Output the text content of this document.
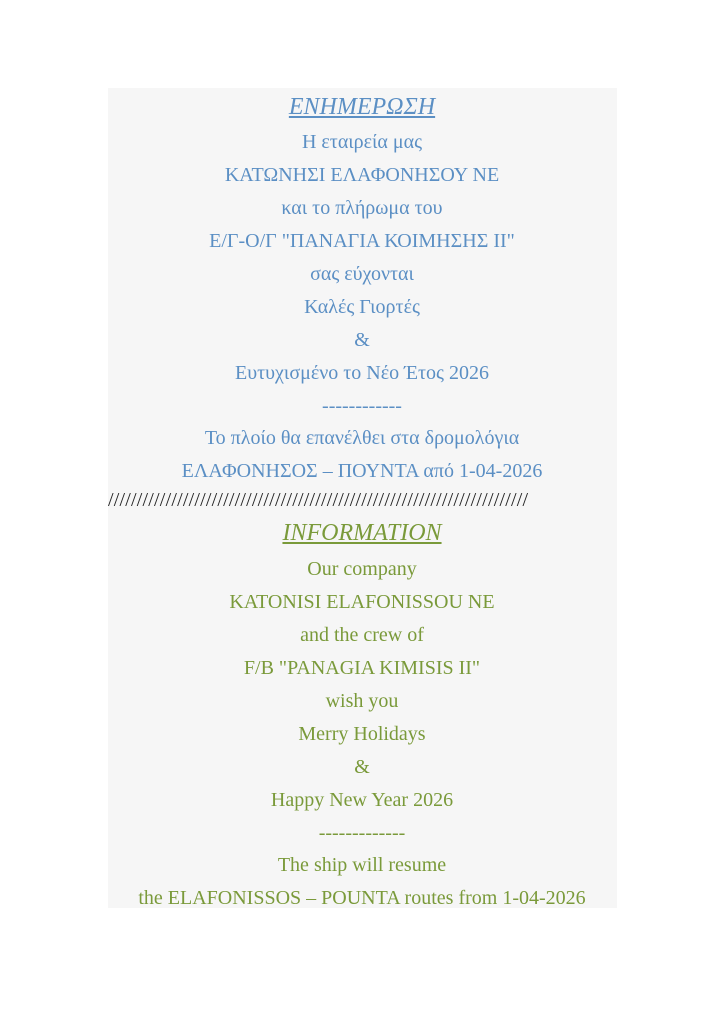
ΕΝΗΜΕΡΩΣΗ
Η εταιρεία μας
ΚΑΤΩΝΗΣΙ ΕΛΑΦΟΝΗΣΟΥ ΝΕ
και το πλήρωμα του
Ε/Γ-Ο/Γ "ΠΑΝΑΓΙΑ ΚΟΙΜΗΣΗΣ ΙΙ"
σας εύχονται
Καλές Γιορτές
&
Ευτυχισμένο το Νέο Έτος 2026
------------
Το πλοίο θα επανέλθει στα δρομολόγια
ΕΛΑΦΟΝΗΣΟΣ – ΠΟΥΝΤΑ από 1-04-2026
/////////////////////////////////////////////////////////////////////////
INFORMATION
Our company
KATONISI ELAFONISSOU NE
and the crew of
F/B "PANAGIA KIMISIS II"
wish you
Merry Holidays
&
Happy New Year 2026
-------------
The ship will resume
the ELAFONISSOS – POUNTA routes from 1-04-2026
